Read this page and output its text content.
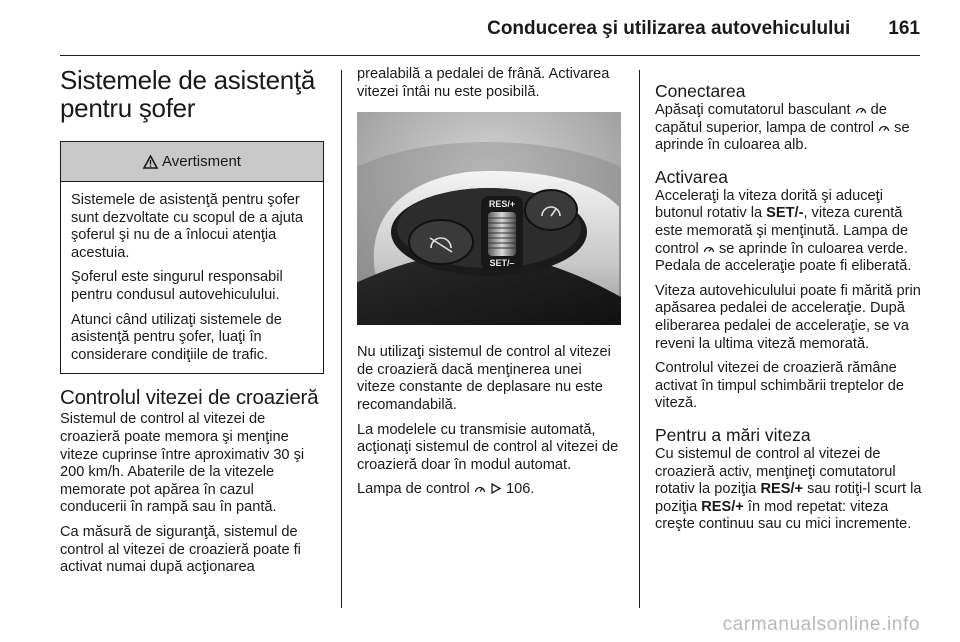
Conducerea şi utilizarea autovehiculului 161
Sistemele de asistenţă pentru şofer
Avertisment

Sistemele de asistenţă pentru şofer sunt dezvoltate cu scopul de a ajuta şoferul şi nu de a înlocui atenţia acestuia.

Şoferul este singurul responsabil pentru condusul autovehiculului.

Atunci când utilizaţi sistemele de asistenţă pentru şofer, luaţi în considerare condiţiile de trafic.

Controlul vitezei de croazieră

Sistemul de control al vitezei de croazieră poate memora şi menţine viteze cuprinse între aproximativ 30 şi 200 km/h. Abaterile de la vitezele memorate pot apărea în cazul conducerii în rampă sau în pantă.

Ca măsură de siguranţă, sistemul de control al vitezei de croazieră poate fi activat numai după acţionarea

prealabilă a pedalei de frână. Activarea vitezei întâi nu este posibilă.

RES/+
SET/–

Nu utilizaţi sistemul de control al vitezei de croazieră dacă menţinerea unei viteze constante de deplasare nu este recomandabilă.

La modelele cu transmisie automată, acţionaţi sistemul de control al vitezei de croazieră doar în modul automat.

Lampa de control 106.

Conectarea

Apăsaţi comutatorul basculant de capătul superior, lampa de control se aprinde în culoarea alb.

Activarea

Acceleraţi la viteza dorită şi aduceţi butonul rotativ la SET/-, viteza curentă este memorată şi menţinută. Lampa de control se aprinde în culoarea verde. Pedala de acceleraţie poate fi eliberată.

Viteza autovehiculului poate fi mărită prin apăsarea pedalei de acceleraţie. După eliberarea pedalei de acceleraţie, se va reveni la ultima viteză memorată.

Controlul vitezei de croazieră rămâne activat în timpul schimbării treptelor de viteză.

Pentru a mări viteza

Cu sistemul de control al vitezei de croazieră activ, menţineţi comutatorul rotativ la poziţia RES/+ sau rotiţi-l scurt la poziţia RES/+ în mod repetat: viteza creşte continuu sau cu mici incremente.

carmanualsonline.info
